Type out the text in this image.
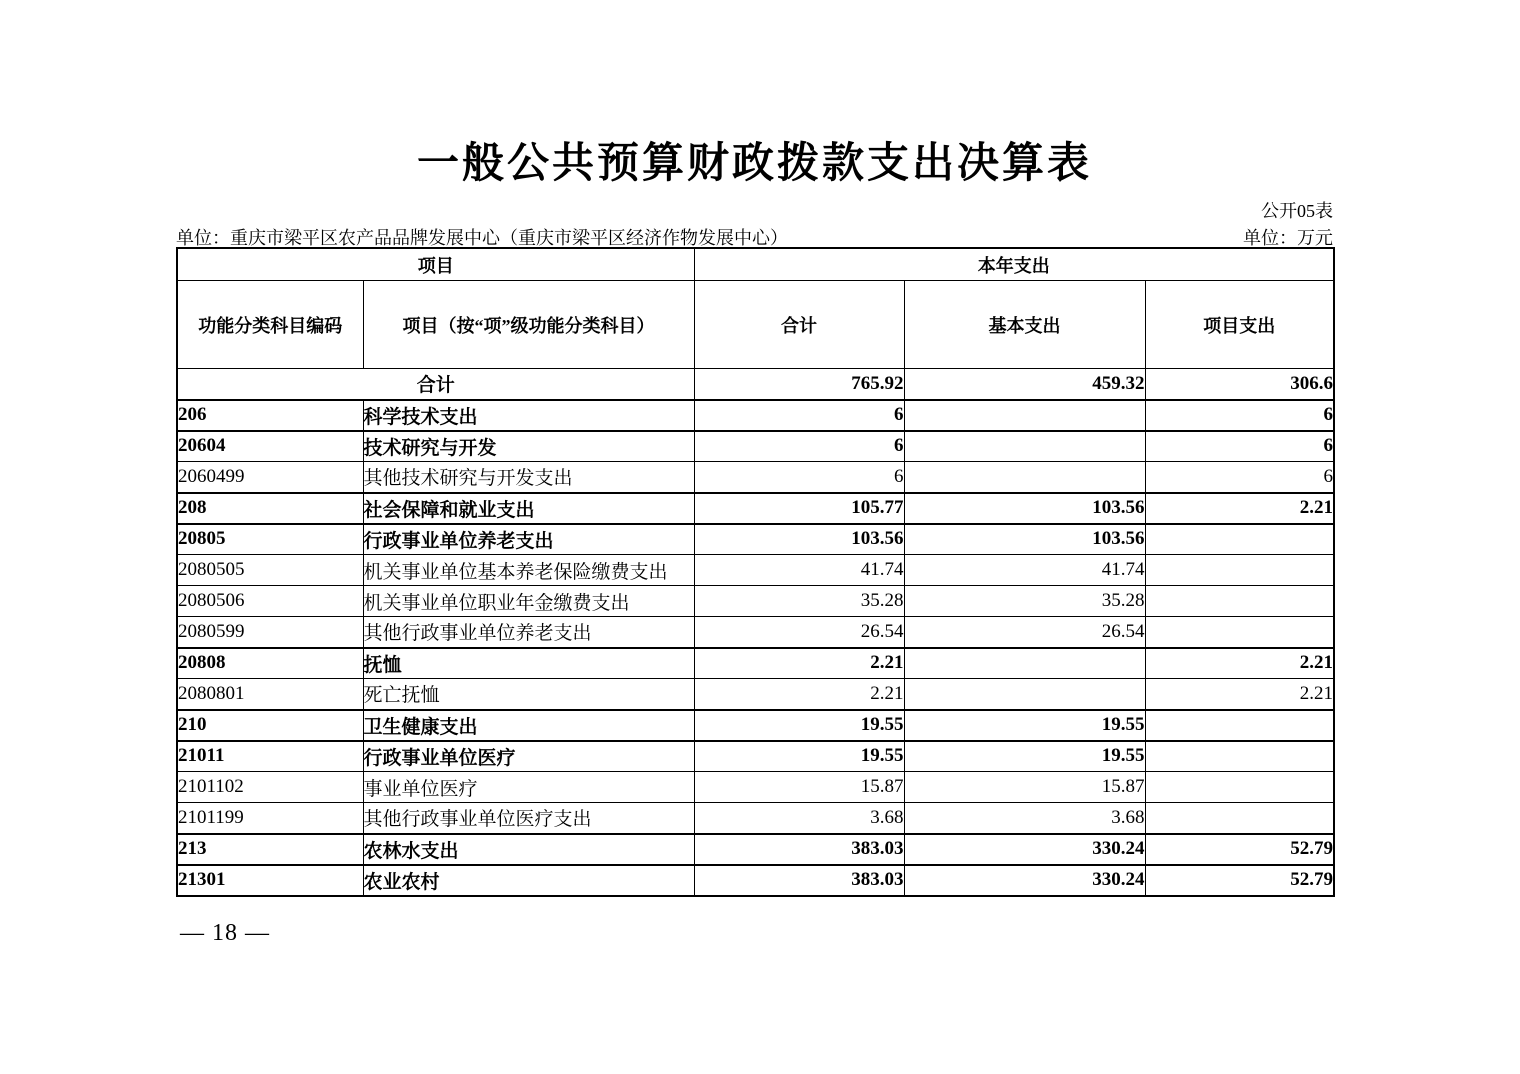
一般公共预算财政拨款支出决算表
公开05表
单位：重庆市梁平区农产品品牌发展中心（重庆市梁平区经济作物发展中心）	单位：万元
项目		本年支出		
功能分类科目编码	项目（按“项”级功能分类科目）	合计	基本支出	项目支出
合计		765.92	459.32	306.6
206	科学技术支出	6		6
20604	技术研究与开发	6		6
2060499	其他技术研究与开发支出	6		6
208	社会保障和就业支出	105.77	103.56	2.21
20805	行政事业单位养老支出	103.56	103.56	
2080505	机关事业单位基本养老保险缴费支出	41.74	41.74	
2080506	机关事业单位职业年金缴费支出	35.28	35.28	
2080599	其他行政事业单位养老支出	26.54	26.54	
20808	抚恤	2.21		2.21
2080801	死亡抚恤	2.21		2.21
210	卫生健康支出	19.55	19.55	
21011	行政事业单位医疗	19.55	19.55	
2101102	事业单位医疗	15.87	15.87	
2101199	其他行政事业单位医疗支出	3.68	3.68	
213	农林水支出	383.03	330.24	52.79
21301	农业农村	383.03	330.24	52.79
— 18 —
